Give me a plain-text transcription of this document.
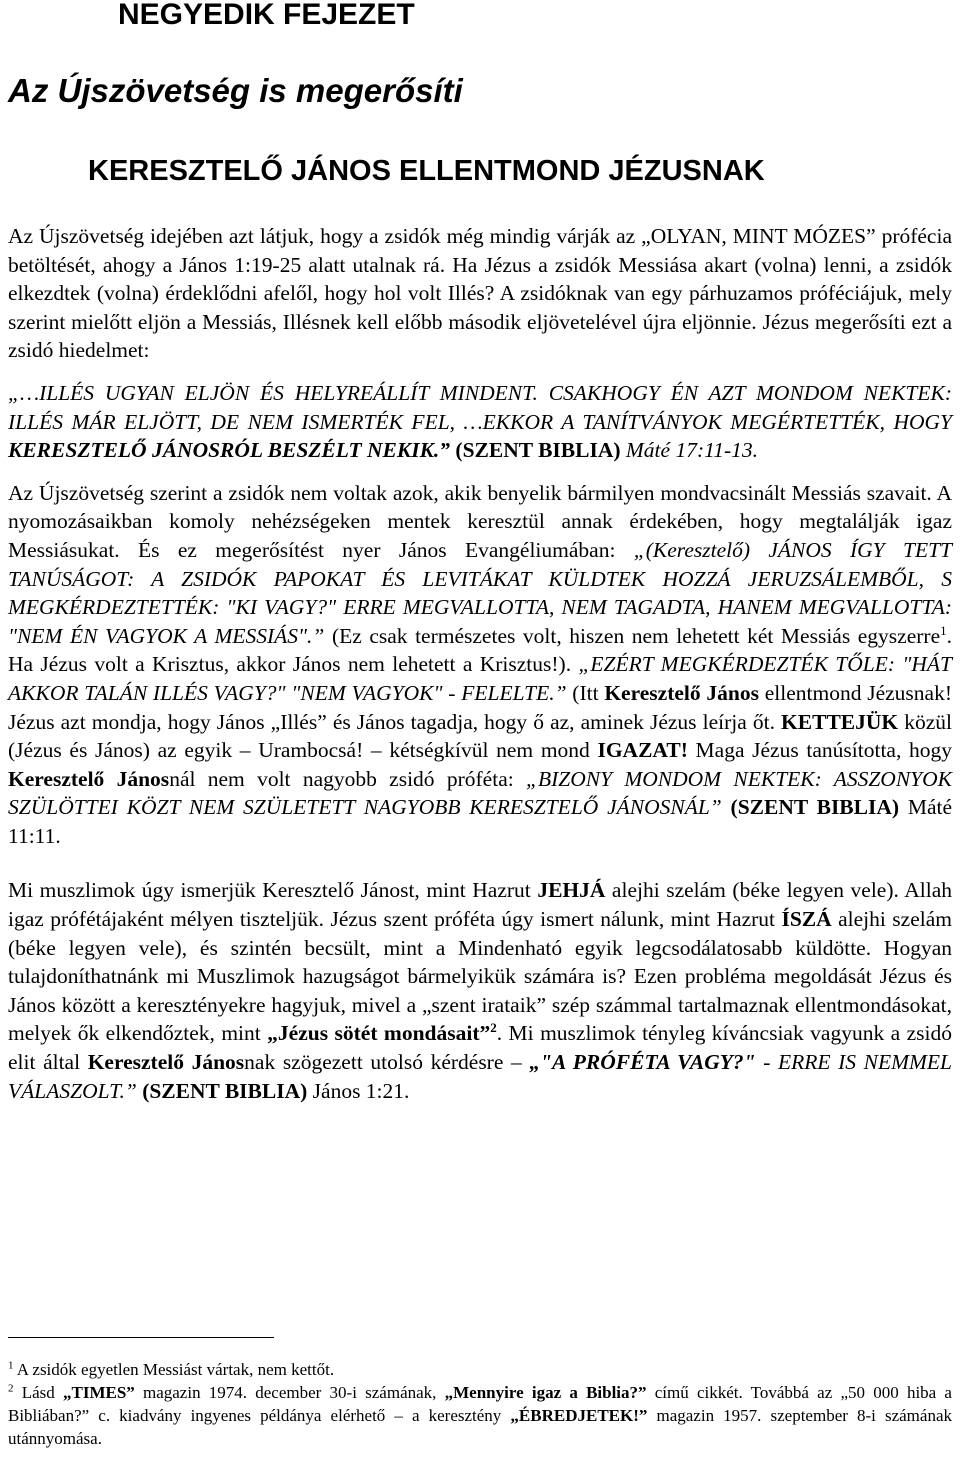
NEGYEDIK FEJEZET
Az Újszövetség is megerősíti
KERESZTELŐ JÁNOS ELLENTMOND JÉZUSNAK

Az Újszövetség idejében azt látjuk, hogy a zsidók még mindig várják az „OLYAN, MINT MÓZES” prófécia betöltését, ahogy a János 1:19-25 alatt utalnak rá. Ha Jézus a zsidók Messiása akart (volna) lenni, a zsidók elkezdtek (volna) érdeklődni afelől, hogy hol volt Illés? A zsidóknak van egy párhuzamos próféciájuk, mely szerint mielőtt eljön a Messiás, Illésnek kell előbb második eljövetelével újra eljönnie. Jézus megerősíti ezt a zsidó hiedelmet:

„…ILLÉS UGYAN ELJÖN ÉS HELYREÁLLÍT MINDENT. CSAKHOGY ÉN AZT MONDOM NEKTEK: ILLÉS MÁR ELJÖTT, DE NEM ISMERTÉK FEL, …EKKOR A TANÍTVÁNYOK MEGÉRTETTÉK, HOGY KERESZTELŐ JÁNOSRÓL BESZÉLT NEKIK.” (SZENT BIBLIA) Máté 17:11-13.

Az Újszövetség szerint a zsidók nem voltak azok, akik benyelik bármilyen mondvacsinált Messiás szavait. A nyomozásaikban komoly nehézségeken mentek keresztül annak érdekében, hogy megtalálják igaz Messiásukat. És ez megerősítést nyer János Evangéliumában: „(Keresztelő) JÁNOS ÍGY TETT TANÚSÁGOT: A ZSIDÓK PAPOKAT ÉS LEVITÁKAT KÜLDTEK HOZZÁ JERUZSÁLEMBŐL, S MEGKÉRDEZTETTÉK: "KI VAGY?" ERRE MEGVALLOTTA, NEM TAGADTA, HANEM MEGVALLOTTA: "NEM ÉN VAGYOK A MESSIÁS".” (Ez csak természetes volt, hiszen nem lehetett két Messiás egyszerre$^1$. Ha Jézus volt a Krisztus, akkor János nem lehetett a Krisztus!). „EZÉRT MEGKÉRDEZTÉK TŐLE: "HÁT AKKOR TALÁN ILLÉS VAGY?" "NEM VAGYOK" - FELELTE.” (Itt Keresztelő János ellentmond Jézusnak! Jézus azt mondja, hogy János „Illés” és János tagadja, hogy ő az, aminek Jézus leírja őt. KETTEJÜK közül (Jézus és János) az egyik – Urambocsá! – kétségkívül nem mond IGAZAT! Maga Jézus tanúsította, hogy Keresztelő Jánosnál nem volt nagyobb zsidó próféta: „BIZONY MONDOM NEKTEK: ASSZONYOK SZÜLÖTTEI KÖZT NEM SZÜLETETT NAGYOBB KERESZTELŐ JÁNOSNÁL” (SZENT BIBLIA) Máté 11:11.

Mi muszlimok úgy ismerjük Keresztelő Jánost, mint Hazrut JEHJÁ alejhi szelám (béke legyen vele). Allah igaz prófétájaként mélyen tiszteljük. Jézus szent próféta úgy ismert nálunk, mint Hazrut ÍSZÁ alejhi szelám (béke legyen vele), és szintén becsült, mint a Mindenható egyik legcsodálatosabb küldötte. Hogyan tulajdoníthatnánk mi Muszlimok hazugságot bármelyikük számára is? Ezen probléma megoldását Jézus és János között a keresztényekre hagyjuk, mivel a „szent irataik” szép számmal tartalmaznak ellentmondásokat, melyek ők elkendőztek, mint „Jézus sötét mondásait”$^2$. Mi muszlimok tényleg kíváncsiak vagyunk a zsidó elit által Keresztelő Jánosnak szögezett utolsó kérdésre – „"A PRÓFÉTA VAGY?" - ERRE IS NEMMEL VÁLASZOLT.” (SZENT BIBLIA) János 1:21.

$^1$ A zsidók egyetlen Messiást vártak, nem kettőt.

$^2$ Lásd „TIMES” magazin 1974. december 30-i számának, „Mennyire igaz a Biblia?” című cikkét. Továbbá az „50 000 hiba a Bibliában?” c. kiadvány ingyenes példánya elérhető – a keresztény „ÉBREDJETEK!” magazin 1957. szeptember 8-i számának utánnyomása.
